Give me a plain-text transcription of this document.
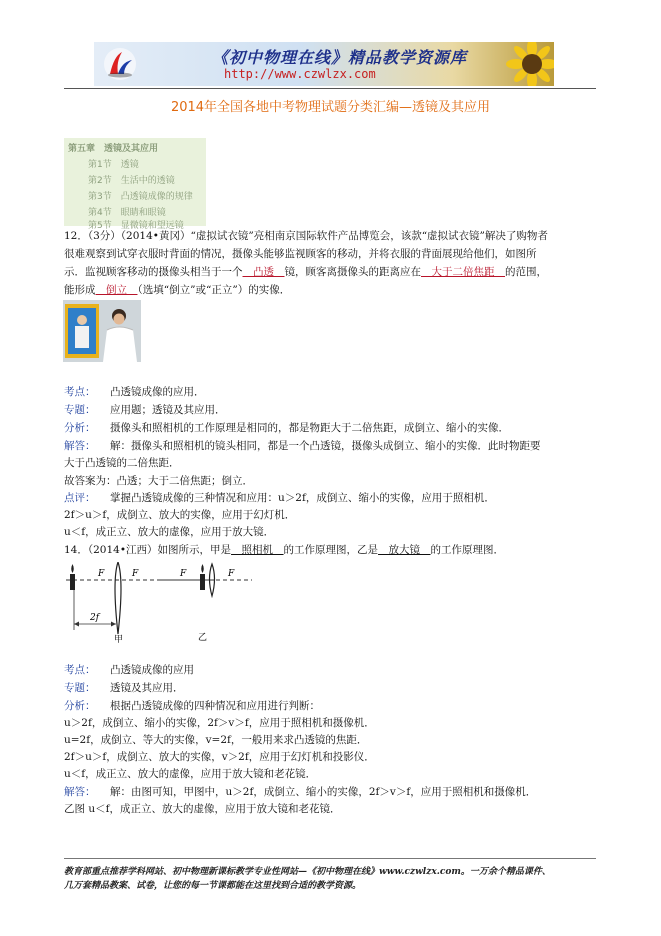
《初中物理在线》精品教学资源库
http://www.czwlzx.com
2014年全国各地中考物理试题分类汇编—透镜及其应用
第五章　透镜及其应用
第1节　透镜
第2节　生活中的透镜
第3节　凸透镜成像的规律
第4节　眼睛和眼镜
第5节　显微镜和望远镜
12．（3分）（2014•黄冈）“虚拟试衣镜”亮相南京国际软件产品博览会，该款“虚拟试衣镜”解决了购物者
很难观察到试穿衣服时背面的情况，摄像头能够监视顾客的移动，并将衣服的背面展现给他们，如图所
示．监视顾客移动的摄像头相当于一个　凸透　镜，顾客离摄像头的距离应在　大于二倍焦距　的范围，
能形成　倒立　（选填“倒立”或“正立”）的实像．
考点： 凸透镜成像的应用．
专题： 应用题；透镜及其应用．
分析： 摄像头和照相机的工作原理是相同的，都是物距大于二倍焦距，成倒立、缩小的实像．
解答： 解：摄像头和照相机的镜头相同，都是一个凸透镜，摄像头成倒立、缩小的实像．此时物距要
大于凸透镜的二倍焦距．
故答案为：凸透；大于二倍焦距；倒立．
点评： 掌握凸透镜成像的三种情况和应用：u＞2f，成倒立、缩小的实像，应用于照相机．
2f＞u＞f，成倒立、放大的实像，应用于幻灯机．
u＜f，成正立、放大的虚像，应用于放大镜．
14．（2014•江西）如图所示，甲是　照相机　的工作原理图，乙是　放大镜　的工作原理图．
F	F
2f
甲
F	F
乙
考点： 凸透镜成像的应用
专题： 透镜及其应用．
分析： 根据凸透镜成像的四种情况和应用进行判断：
u＞2f，成倒立、缩小的实像，2f＞v＞f，应用于照相机和摄像机．
u=2f，成倒立、等大的实像，v=2f，一般用来求凸透镜的焦距．
2f＞u＞f，成倒立、放大的实像，v＞2f，应用于幻灯机和投影仪．
u＜f，成正立、放大的虚像，应用于放大镜和老花镜．
解答： 解：由图可知，甲图中，u＞2f，成倒立、缩小的实像，2f＞v＞f，应用于照相机和摄像机．
乙图 u＜f，成正立、放大的虚像，应用于放大镜和老花镜．
教育部重点推荐学科网站、初中物理新课标教学专业性网站—《初中物理在线》www.czwlzx.com。一万余个精品课件、
几万套精品教案、试卷，让您的每一节课都能在这里找到合适的教学资源。
